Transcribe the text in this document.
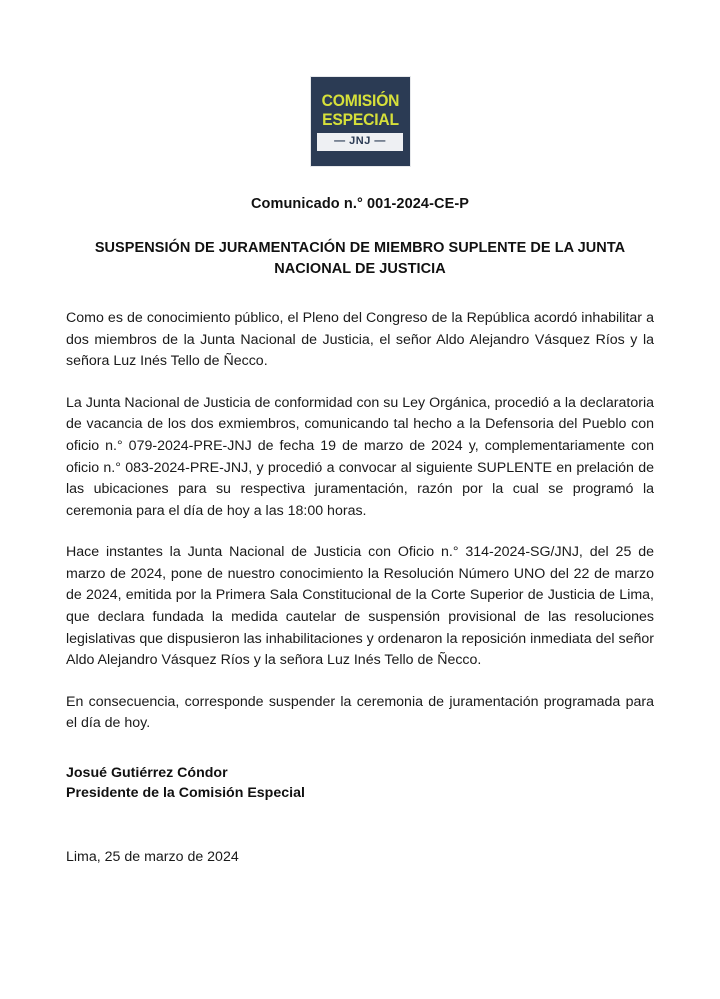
COMISIÓN
ESPECIAL
— JNJ —
Comunicado n.° 001-2024-CE-P
SUSPENSIÓN DE JURAMENTACIÓN DE MIEMBRO SUPLENTE DE LA JUNTA NACIONAL DE JUSTICIA

Como es de conocimiento público, el Pleno del Congreso de la República acordó inhabilitar a dos miembros de la Junta Nacional de Justicia, el señor Aldo Alejandro Vásquez Ríos y la señora Luz Inés Tello de Ñecco.

La Junta Nacional de Justicia de conformidad con su Ley Orgánica, procedió a la declaratoria de vacancia de los dos exmiembros, comunicando tal hecho a la Defensoria del Pueblo con oficio n.° 079-2024-PRE-JNJ de fecha 19 de marzo de 2024 y, complementariamente con oficio n.° 083-2024-PRE-JNJ, y procedió a convocar al siguiente SUPLENTE en prelación de las ubicaciones para su respectiva juramentación, razón por la cual se programó la ceremonia para el día de hoy a las 18:00 horas.

Hace instantes la Junta Nacional de Justicia con Oficio n.° 314-2024-SG/JNJ, del 25 de marzo de 2024, pone de nuestro conocimiento la Resolución Número UNO del 22 de marzo de 2024, emitida por la Primera Sala Constitucional de la Corte Superior de Justicia de Lima, que declara fundada la medida cautelar de suspensión provisional de las resoluciones legislativas que dispusieron las inhabilitaciones y ordenaron la reposición inmediata del señor Aldo Alejandro Vásquez Ríos y la señora Luz Inés Tello de Ñecco.

En consecuencia, corresponde suspender la ceremonia de juramentación programada para el día de hoy.

Josué Gutiérrez Cóndor
Presidente de la Comisión Especial
Lima, 25 de marzo de 2024
